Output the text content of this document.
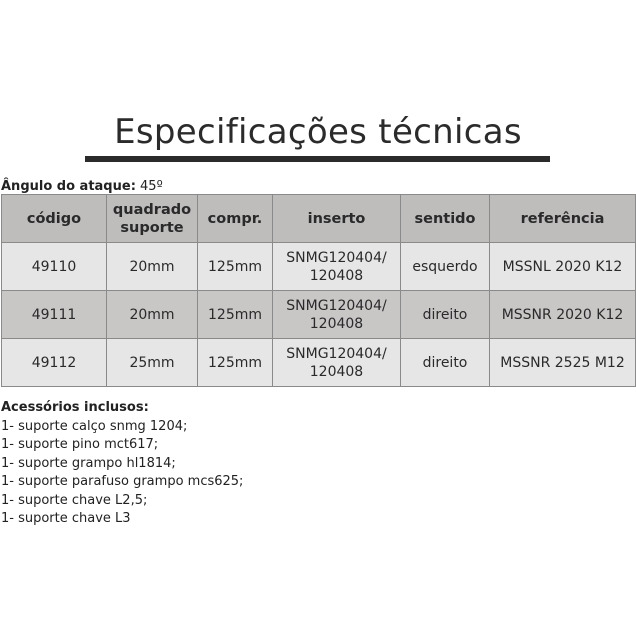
Especificações técnicas
Ângulo do ataque: 45º
código	quadrado suporte	compr.	inserto	sentido	referência
49110	20mm	125mm	SNMG120404/ 120408	esquerdo	MSSNL 2020 K12
49111	20mm	125mm	SNMG120404/ 120408	direito	MSSNR 2020 K12
49112	25mm	125mm	SNMG120404/ 120408	direito	MSSNR 2525 M12
Acessórios inclusos:
1- suporte calço snmg 1204;
1- suporte pino mct617;
1- suporte grampo hl1814;
1- suporte parafuso grampo mcs625;
1- suporte chave L2,5;
1- suporte chave L3
